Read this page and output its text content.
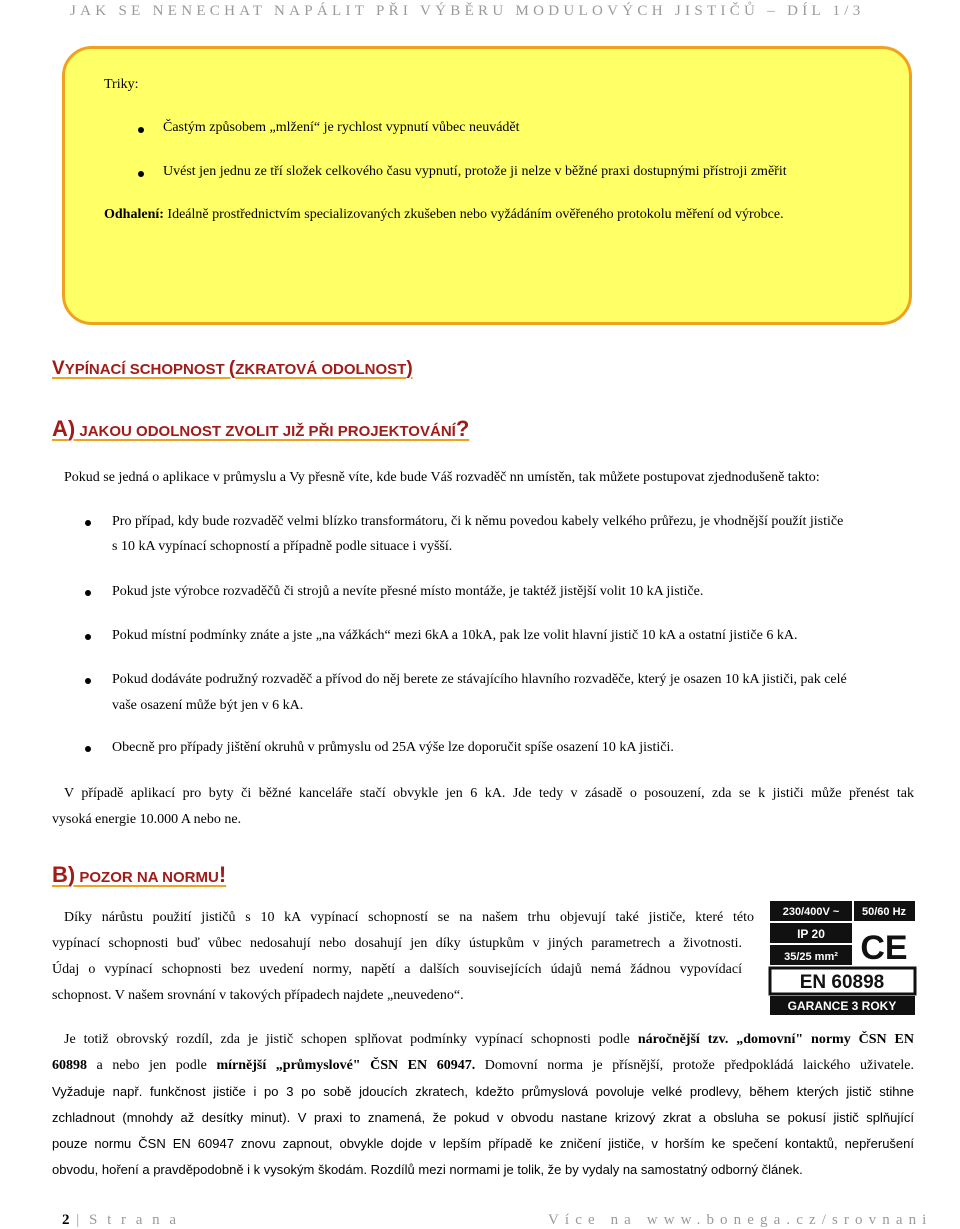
JAK SE NENECHAT NAPÁLIT PŘI VÝBĚRU MODULOVÝCH JISTIČŮ – DÍL 1/3
Triky:
Častým způsobem „mlžení“ je rychlost vypnutí vůbec neuvádět
Uvést jen jednu ze tří složek celkového času vypnutí, protože ji nelze v běžné praxi dostupnými přístroji změřit
Odhalení: Ideálně prostřednictvím specializovaných zkušeben nebo vyžádáním ověřeného protokolu měření od výrobce.
VYPÍNACÍ SCHOPNOST (ZKRATOVÁ ODOLNOST)
A) JAKOU ODOLNOST ZVOLIT JIŽ PŘI PROJEKTOVÁNÍ?
Pokud se jedná o aplikace v průmyslu a Vy přesně víte, kde bude Váš rozvaděč nn umístěn, tak můžete postupovat zjednodušeně takto:
Pro případ, kdy bude rozvaděč velmi blízko transformátoru, či k němu povedou kabely velkého průřezu, je vhodnější použít jističe
s 10 kA vypínací schopností a případně podle situace i vyšší.
Pokud jste výrobce rozvaděčů či strojů a nevíte přesné místo montáže, je taktéž jistější volit 10 kA jističe.
Pokud místní podmínky znáte a jste „na vážkách“ mezi 6kA a 10kA, pak lze volit hlavní jistič 10 kA a ostatní jističe 6 kA.
Pokud dodáváte podružný rozvaděč a přívod do něj berete ze stávajícího hlavního rozvaděče, který je osazen 10 kA jističi, pak celé
vaše osazení může být jen v 6 kA.
Obecně pro případy jištění okruhů v průmyslu od 25A výše lze doporučit spíše osazení 10 kA jističi.
V případě aplikací pro byty či běžné kanceláře stačí obvykle jen 6 kA. Jde tedy v zásadě o posouzení, zda se k jističi může přenést tak
vysoká energie 10.000 A nebo ne.
B) POZOR NA NORMU!
Díky nárůstu použití jističů s 10 kA vypínací schopností se na našem trhu objevují také jističe, které této
vypínací schopnosti buď vůbec nedosahují nebo dosahují jen díky ústupkům v jiných parametrech a životnosti.
Údaj o vypínací schopnosti bez uvedení normy, napětí a dalších souvisejících údajů nemá žádnou vypovídací
schopnost. V našem srovnání v takových případech najdete „neuvedeno“.
230/400V ~ 50/60 Hz
IP 20
35/25 mm² CE
EN 60898
GARANCE 3 ROKY
Je totiž obrovský rozdíl, zda je jistič schopen splňovat podmínky vypínací schopnosti podle náročnější tzv. „domovní" normy ČSN EN
60898 a nebo jen podle mírnější „průmyslové" ČSN EN 60947. Domovní norma je přísnější, protože předpokládá laického uživatele.
Vyžaduje např. funkčnost jističe i po 3 po sobě jdoucích zkratech, kdežto průmyslová povoluje velké prodlevy, během kterých jistič stihne
zchladnout (mnohdy až desítky minut). V praxi to znamená, že pokud v obvodu nastane krizový zkrat a obsluha se pokusí jistič splňující
pouze normu ČSN EN 60947 znovu zapnout, obvykle dojde v lepším případě ke zničení jističe, v horším ke spečení kontaktů, nepřerušení
obvodu, hoření a pravděpodobně i k vysokým škodám. Rozdílů mezi normami je tolik, že by vydaly na samostatný odborný článek.
2 | S t r a n a	Více na www.bonega.cz/srovnani
